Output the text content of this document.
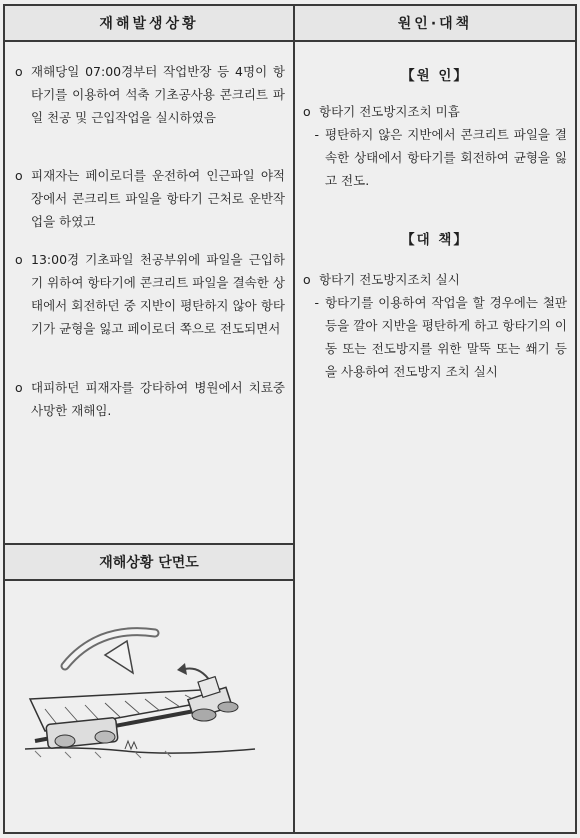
재해발생상황
o 재해당일 07:00경부터 작업반장 등 4명이 항타기를 이용하여 석축 기초공사용 콘크리트 파일 천공 및 근입작업을 실시하였음
o 피재자는 페이로더를 운전하여 인근파일 야적장에서 콘크리트 파일을 항타기 근처로 운반작업을 하였고
o 13:00경 기초파일 천공부위에 파일을 근입하기 위하여 항타기에 콘크리트 파일을 결속한 상태에서 회전하던 중 지반이 평탄하지 않아 항타기가 균형을 잃고 페이로더 쪽으로 전도되면서
o 대피하던 피재자를 강타하여 병원에서 치료중 사망한 재해임.
재해상황 단면도
원인·대책
【원 인】
o 항타기 전도방지조치 미흡
- 평탄하지 않은 지반에서 콘크리트 파일을 결속한 상태에서 항타기를 회전하여 균형을 잃고 전도.
【대 책】
o 항타기 전도방지조치 실시
- 항타기를 이용하여 작업을 할 경우에는 철판 등을 깔아 지반을 평탄하게 하고 항타기의 이동 또는 전도방지를 위한 말뚝 또는 쐐기 등을 사용하여 전도방지 조치 실시
